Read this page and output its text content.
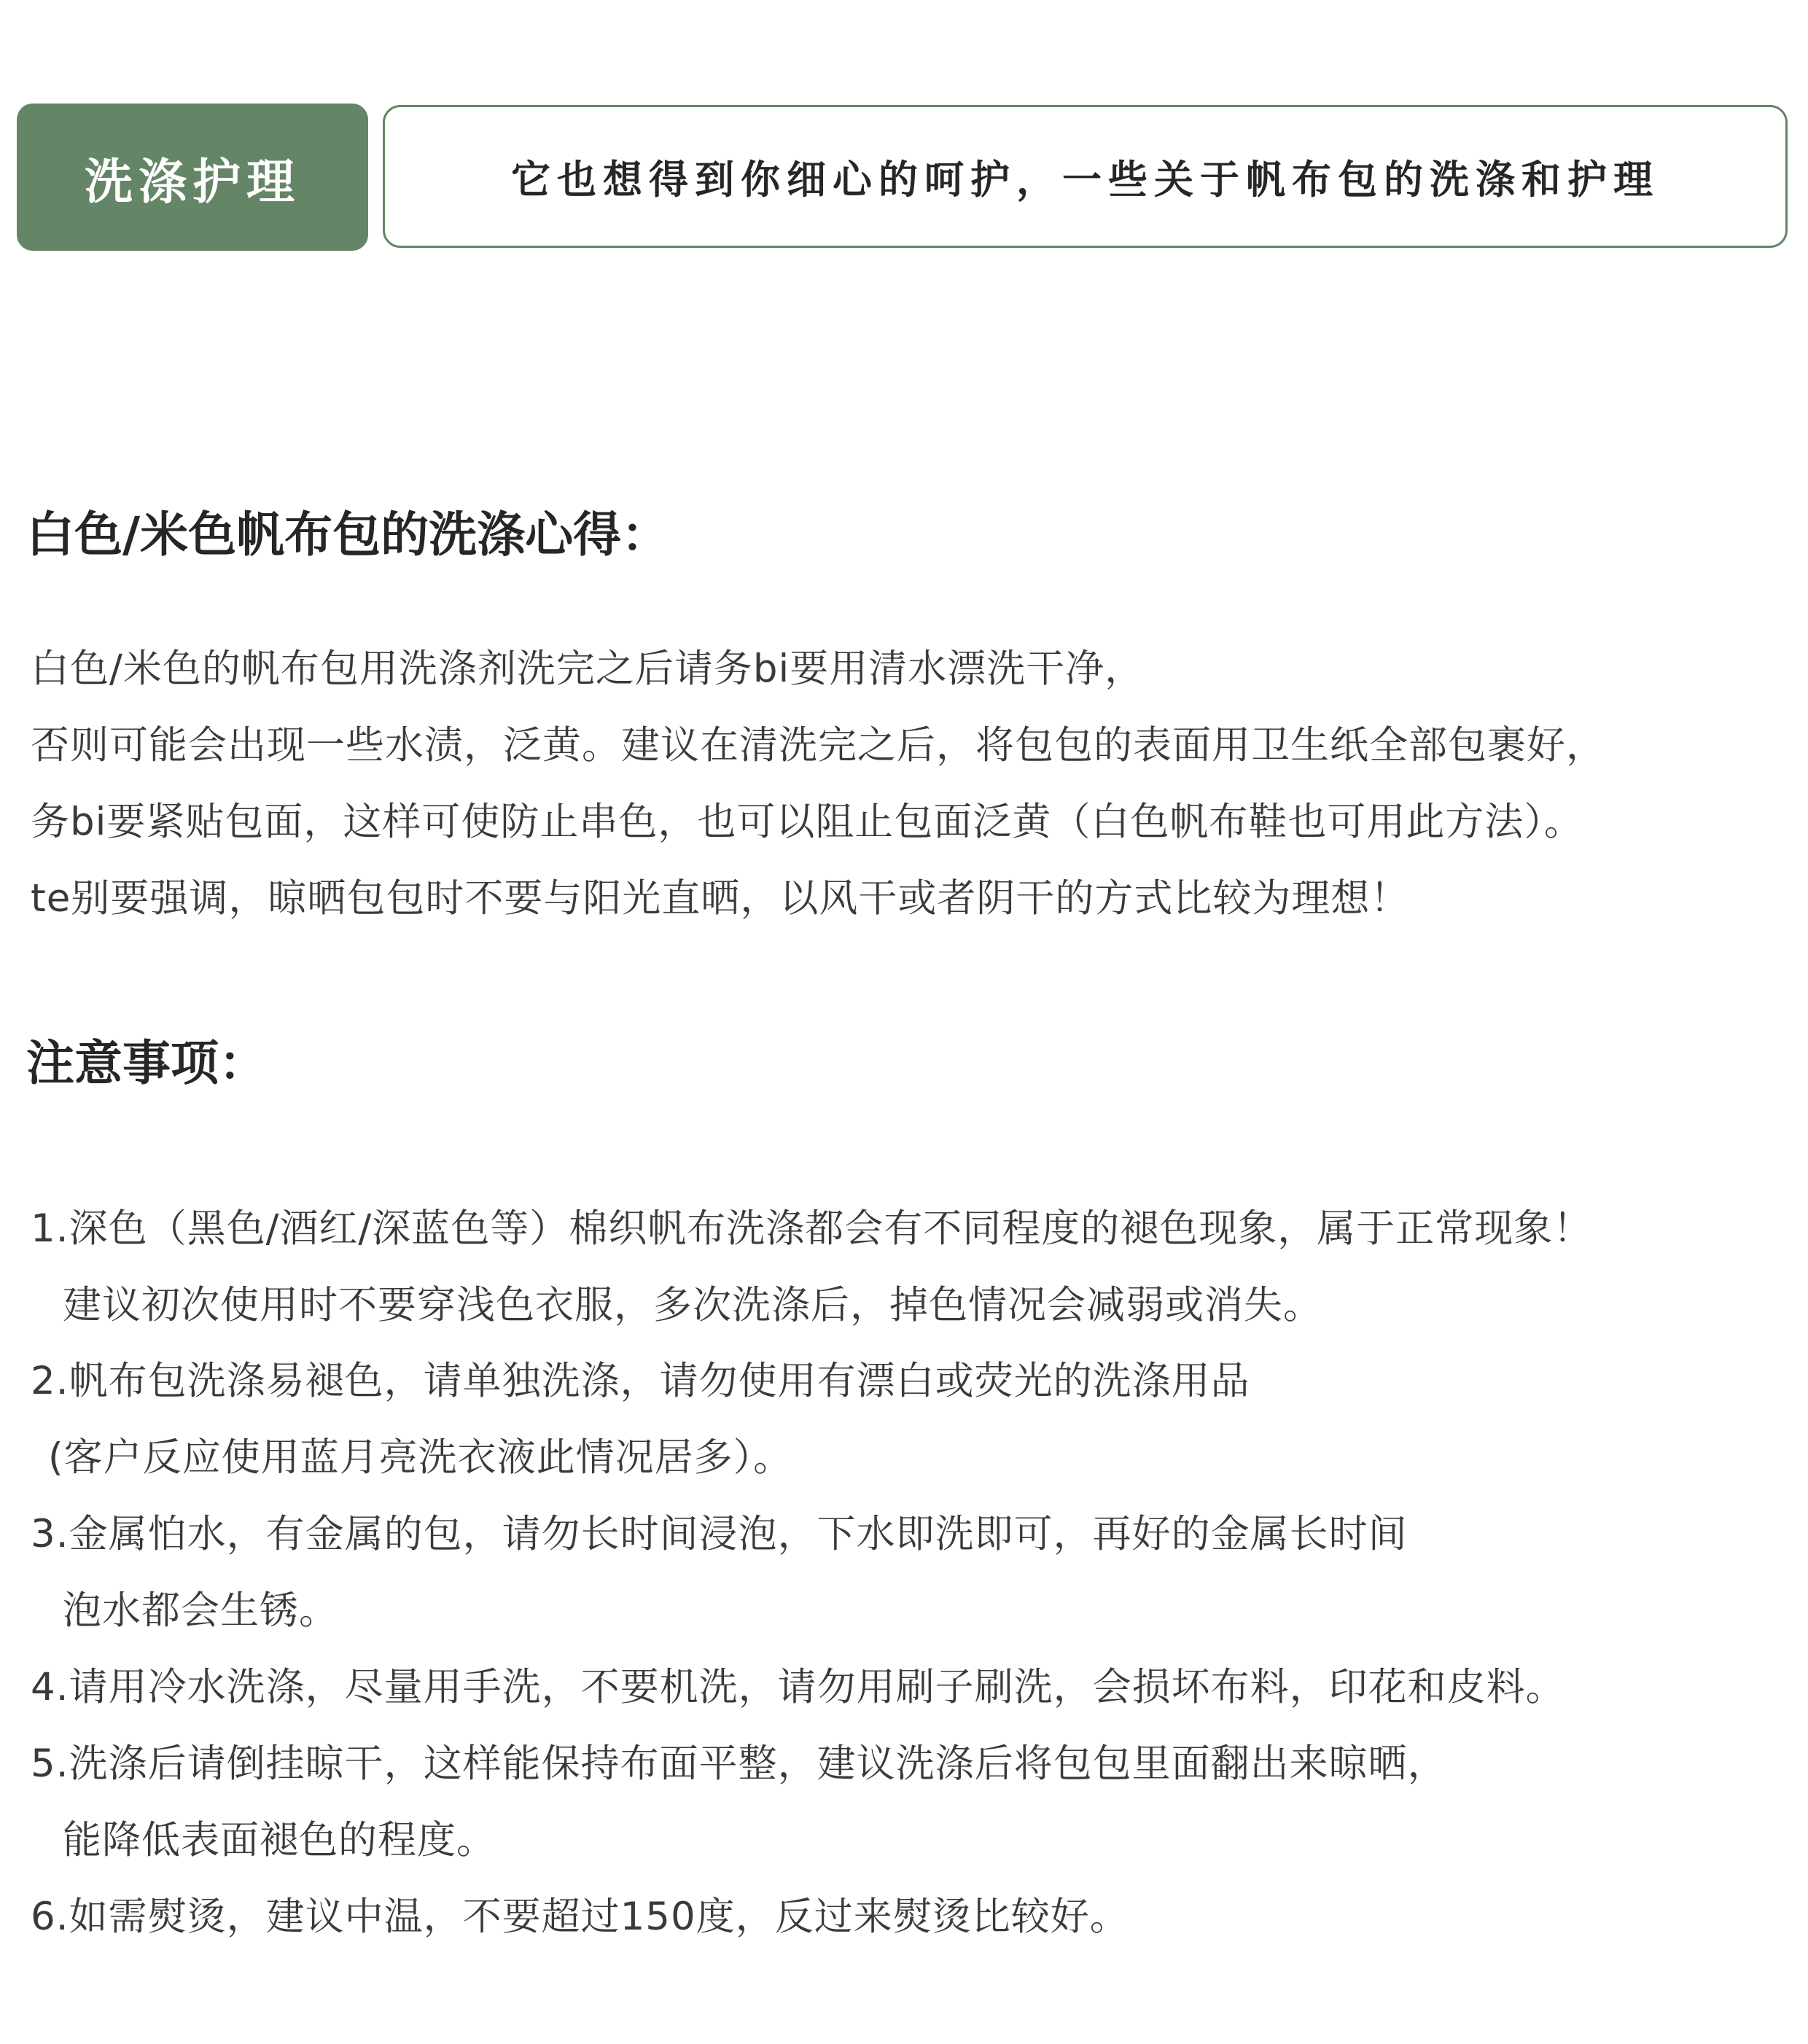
洗涤护理	它也想得到你细心的呵护，一些关于帆布包的洗涤和护理
白色/米色帆布包的洗涤心得：
白色/米色的帆布包用洗涤剂洗完之后请务bi要用清水漂洗干净，
否则可能会出现一些水渍，泛黄。建议在清洗完之后，将包包的表面用卫生纸全部包裹好，
务bi要紧贴包面，这样可使防止串色，也可以阻止包面泛黄（白色帆布鞋也可用此方法）。
te别要强调，晾晒包包时不要与阳光直晒，以风干或者阴干的方式比较为理想！
注意事项：
1.深色（黑色/酒红/深蓝色等）棉织帆布洗涤都会有不同程度的褪色现象，属于正常现象！
建议初次使用时不要穿浅色衣服，多次洗涤后，掉色情况会减弱或消失。
2.帆布包洗涤易褪色，请单独洗涤，请勿使用有漂白或荧光的洗涤用品
(客户反应使用蓝月亮洗衣液此情况居多）。
3.金属怕水，有金属的包，请勿长时间浸泡，下水即洗即可，再好的金属长时间
泡水都会生锈。
4.请用冷水洗涤，尽量用手洗，不要机洗，请勿用刷子刷洗，会损坏布料，印花和皮料。
5.洗涤后请倒挂晾干，这样能保持布面平整，建议洗涤后将包包里面翻出来晾晒，
能降低表面褪色的程度。
6.如需熨烫，建议中温，不要超过150度，反过来熨烫比较好。
